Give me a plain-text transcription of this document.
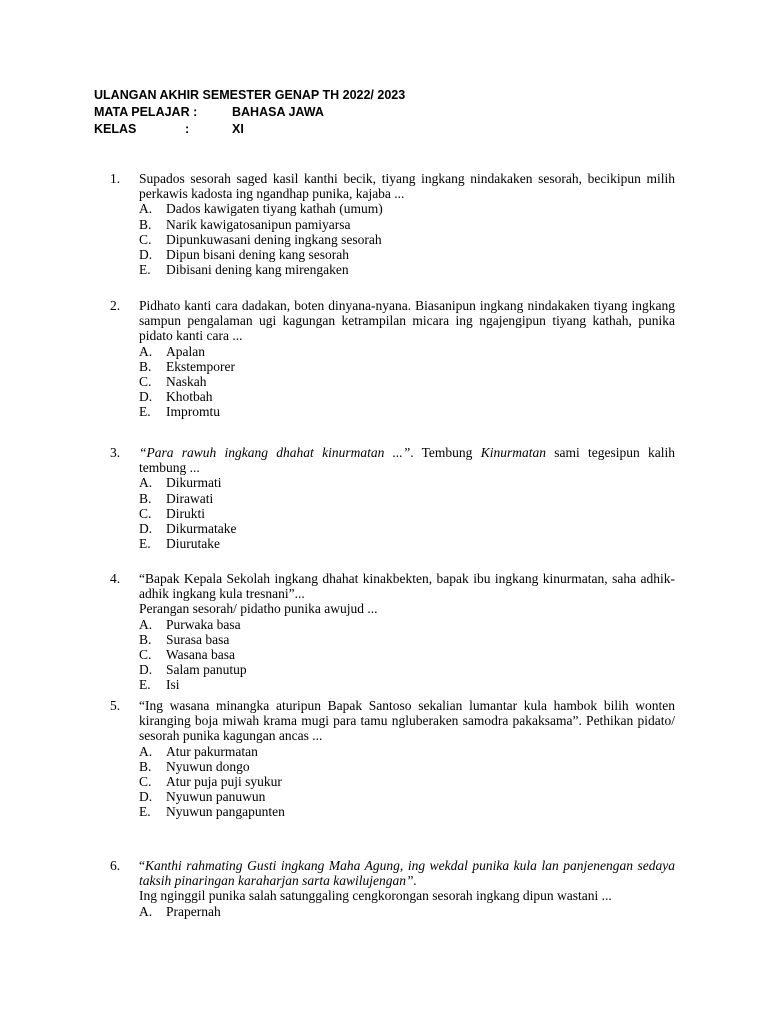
ULANGAN AKHIR SEMESTER GENAP TH 2022/ 2023
MATA PELAJAR :	BAHASA JAWA
KELAS	:	XI
1. Supados sesorah saged kasil kanthi becik, tiyang ingkang nindakaken sesorah, becikipun milih perkawis kadosta ing ngandhap punika, kajaba ...
A. Dados kawigaten tiyang kathah (umum)
B. Narik kawigatosanipun pamiyarsa
C. Dipunkuwasani dening ingkang sesorah
D. Dipun bisani dening kang sesorah
E. Dibisani dening kang mirengaken
2. Pidhato kanti cara dadakan, boten dinyana-nyana. Biasanipun ingkang nindakaken tiyang ingkang sampun pengalaman ugi kagungan ketrampilan micara ing ngajengipun tiyang kathah, punika pidato kanti cara ...
A. Apalan
B. Ekstemporer
C. Naskah
D. Khotbah
E. Impromtu
3. “Para rawuh ingkang dhahat kinurmatan ...”. Tembung Kinurmatan sami tegesipun kalih tembung ...
A. Dikurmati
B. Dirawati
C. Dirukti
D. Dikurmatake
E. Diurutake
4. “Bapak Kepala Sekolah ingkang dhahat kinakbekten, bapak ibu ingkang kinurmatan, saha adhik-adhik ingkang kula tresnani”...
Perangan sesorah/ pidatho punika awujud ...
A. Purwaka basa
B. Surasa basa
C. Wasana basa
D. Salam panutup
E. Isi
5. “Ing wasana minangka aturipun Bapak Santoso sekalian lumantar kula hambok bilih wonten kiranging boja miwah krama mugi para tamu ngluberaken samodra pakaksama”. Pethikan pidato/ sesorah punika kagungan ancas ...
A. Atur pakurmatan
B. Nyuwun dongo
C. Atur puja puji syukur
D. Nyuwun panuwun
E. Nyuwun pangapunten
6. “Kanthi rahmating Gusti ingkang Maha Agung, ing wekdal punika kula lan panjenengan sedaya taksih pinaringan karaharjan sarta kawilujengan”.
Ing nginggil punika salah satunggaling cengkorongan sesorah ingkang dipun wastani ...
A. Prapernah
